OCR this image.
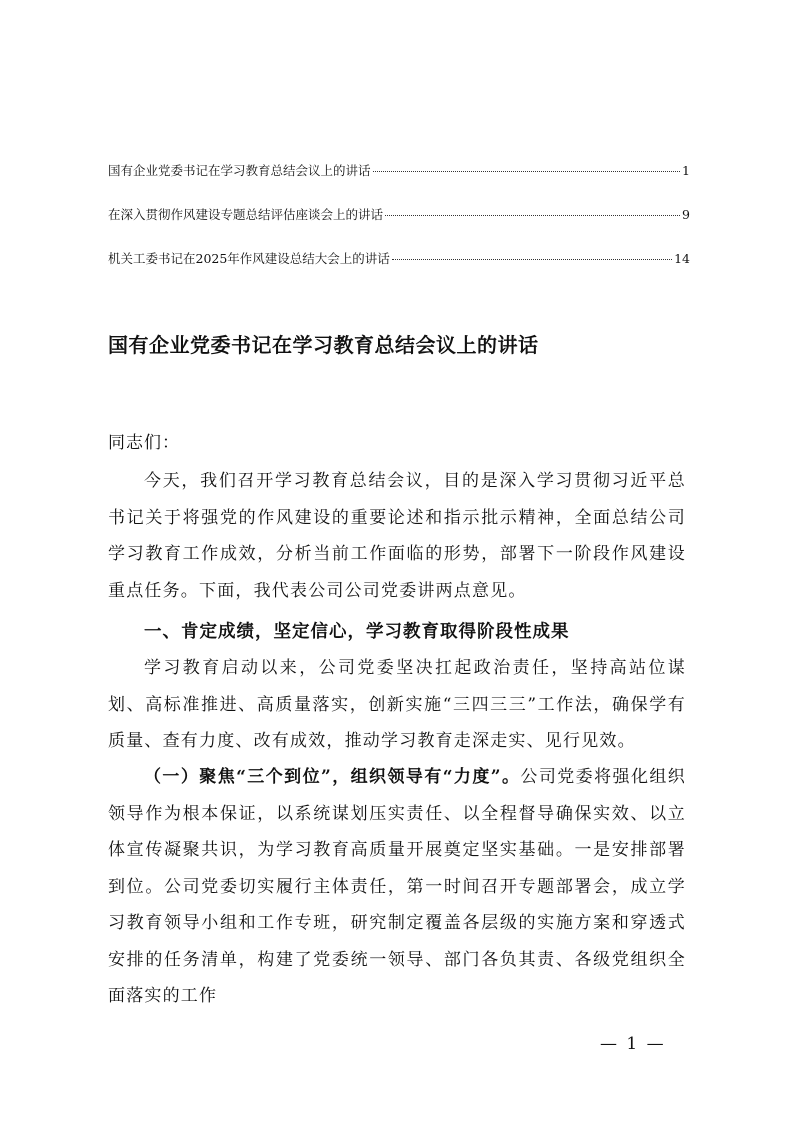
国有企业党委书记在学习教育总结会议上的讲话	1
在深入贯彻作风建设专题总结评估座谈会上的讲话	9
机关工委书记在2025年作风建设总结大会上的讲话	14
国有企业党委书记在学习教育总结会议上的讲话
同志们：

今天，我们召开学习教育总结会议，目的是深入学习贯彻习近平总书记关于将强党的作风建设的重要论述和指示批示精神，全面总结公司学习教育工作成效，分析当前工作面临的形势，部署下一阶段作风建设重点任务。下面，我代表公司公司党委讲两点意见。

一、肯定成绩，坚定信心，学习教育取得阶段性成果

学习教育启动以来，公司党委坚决扛起政治责任，坚持高站位谋划、高标准推进、高质量落实，创新实施“三四三三”工作法，确保学有质量、查有力度、改有成效，推动学习教育走深走实、见行见效。

（一）聚焦“三个到位”，组织领导有“力度”。公司党委将强化组织领导作为根本保证，以系统谋划压实责任、以全程督导确保实效、以立体宣传凝聚共识，为学习教育高质量开展奠定坚实基础。一是安排部署到位。公司党委切实履行主体责任，第一时间召开专题部署会，成立学习教育领导小组和工作专班，研究制定覆盖各层级的实施方案和穿透式安排的任务清单，构建了党委统一领导、部门各负其责、各级党组织全面落实的工作

— 1 —
